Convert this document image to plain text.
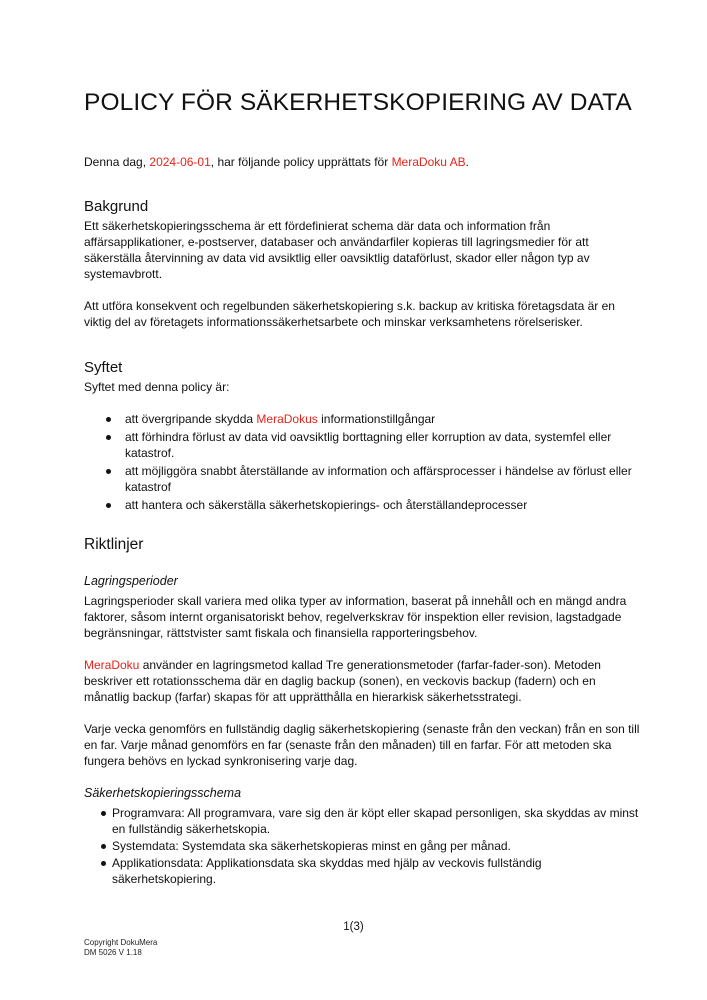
POLICY FÖR SÄKERHETSKOPIERING AV DATA

Denna dag, 2024-06-01, har följande policy upprättats för MeraDoku AB.

Bakgrund

Ett säkerhetskopieringsschema är ett fördefinierat schema där data och information från affärsapplikationer, e-postserver, databaser och användarfiler kopieras till lagringsmedier för att säkerställa återvinning av data vid avsiktlig eller oavsiktlig dataförlust, skador eller någon typ av systemavbrott.

Att utföra konsekvent och regelbunden säkerhetskopiering s.k. backup av kritiska företagsdata är en viktig del av företagets informationssäkerhetsarbete och minskar verksamhetens rörelserisker.

Syftet

Syftet med denna policy är:

att övergripande skydda MeraDokus informationstillgångar
att förhindra förlust av data vid oavsiktlig borttagning eller korruption av data, systemfel eller katastrof.
att möjliggöra snabbt återställande av information och affärsprocesser i händelse av förlust eller katastrof
att hantera och säkerställa säkerhetskopierings- och återställandeprocesser
Riktlinjer
Lagringsperioder

Lagringsperioder skall variera med olika typer av information, baserat på innehåll och en mängd andra faktorer, såsom internt organisatoriskt behov, regelverkskrav för inspektion eller revision, lagstadgade begränsningar, rättstvister samt fiskala och finansiella rapporteringsbehov.

MeraDoku använder en lagringsmetod kallad Tre generationsmetoder (farfar-fader-son). Metoden beskriver ett rotationsschema där en daglig backup (sonen), en veckovis backup (fadern) och en månatlig backup (farfar) skapas för att upprätthålla en hierarkisk säkerhetsstrategi.

Varje vecka genomförs en fullständig daglig säkerhetskopiering (senaste från den veckan) från en son till en far. Varje månad genomförs en far (senaste från den månaden) till en farfar. För att metoden ska fungera behövs en lyckad synkronisering varje dag.

Säkerhetskopieringsschema
Programvara: All programvara, vare sig den är köpt eller skapad personligen, ska skyddas av minst en fullständig säkerhetskopia.
Systemdata: Systemdata ska säkerhetskopieras minst en gång per månad.
Applikationsdata: Applikationsdata ska skyddas med hjälp av veckovis fullständig säkerhetskopiering.
1(3)
Copyright DokuMera
DM 5026 V 1.18
